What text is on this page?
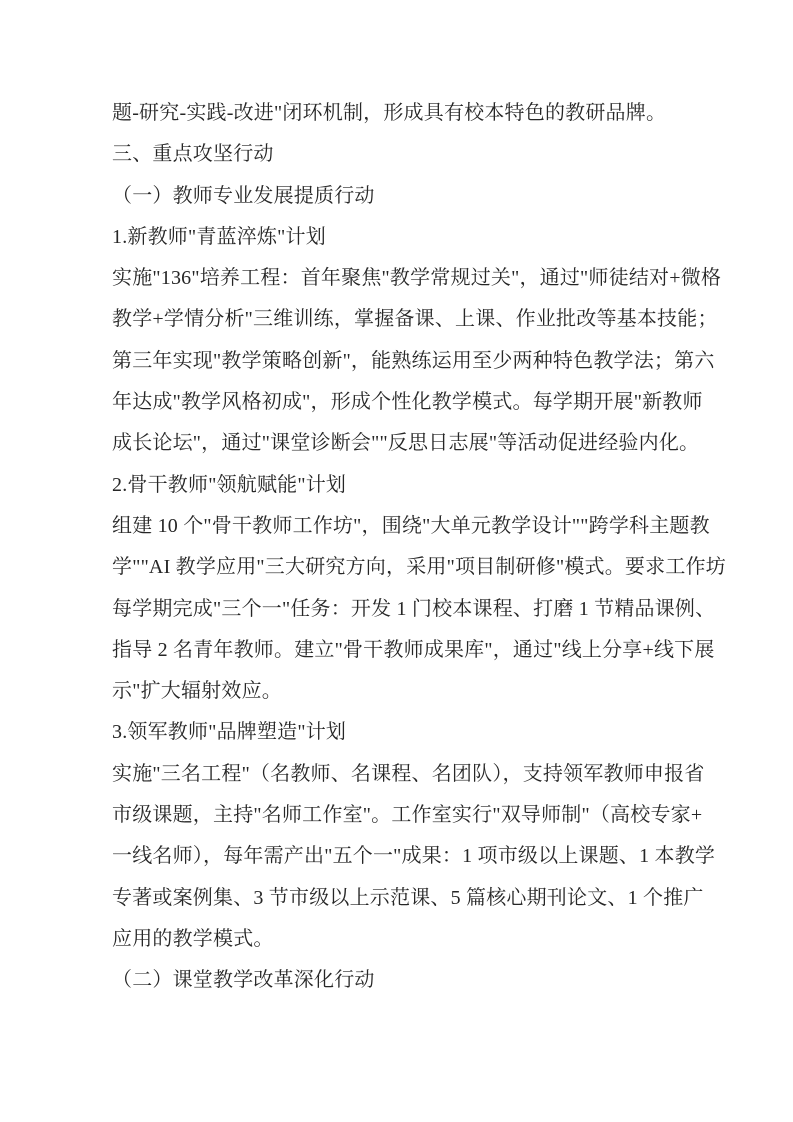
题-研究-实践-改进"闭环机制，形成具有校本特色的教研品牌。
三、重点攻坚行动
（一）教师专业发展提质行动
1.新教师"青蓝淬炼"计划
实施"136"培养工程：首年聚焦"教学常规过关"，通过"师徒结对+微格
教学+学情分析"三维训练，掌握备课、上课、作业批改等基本技能；
第三年实现"教学策略创新"，能熟练运用至少两种特色教学法；第六
年达成"教学风格初成"，形成个性化教学模式。每学期开展"新教师
成长论坛"，通过"课堂诊断会""反思日志展"等活动促进经验内化。
2.骨干教师"领航赋能"计划
组建 10 个"骨干教师工作坊"，围绕"大单元教学设计""跨学科主题教
学""AI 教学应用"三大研究方向，采用"项目制研修"模式。要求工作坊
每学期完成"三个一"任务：开发 1 门校本课程、打磨 1 节精品课例、
指导 2 名青年教师。建立"骨干教师成果库"，通过"线上分享+线下展
示"扩大辐射效应。
3.领军教师"品牌塑造"计划
实施"三名工程"（名教师、名课程、名团队），支持领军教师申报省
市级课题，主持"名师工作室"。工作室实行"双导师制"（高校专家+
一线名师），每年需产出"五个一"成果：1 项市级以上课题、1 本教学
专著或案例集、3 节市级以上示范课、5 篇核心期刊论文、1 个推广
应用的教学模式。
（二）课堂教学改革深化行动
